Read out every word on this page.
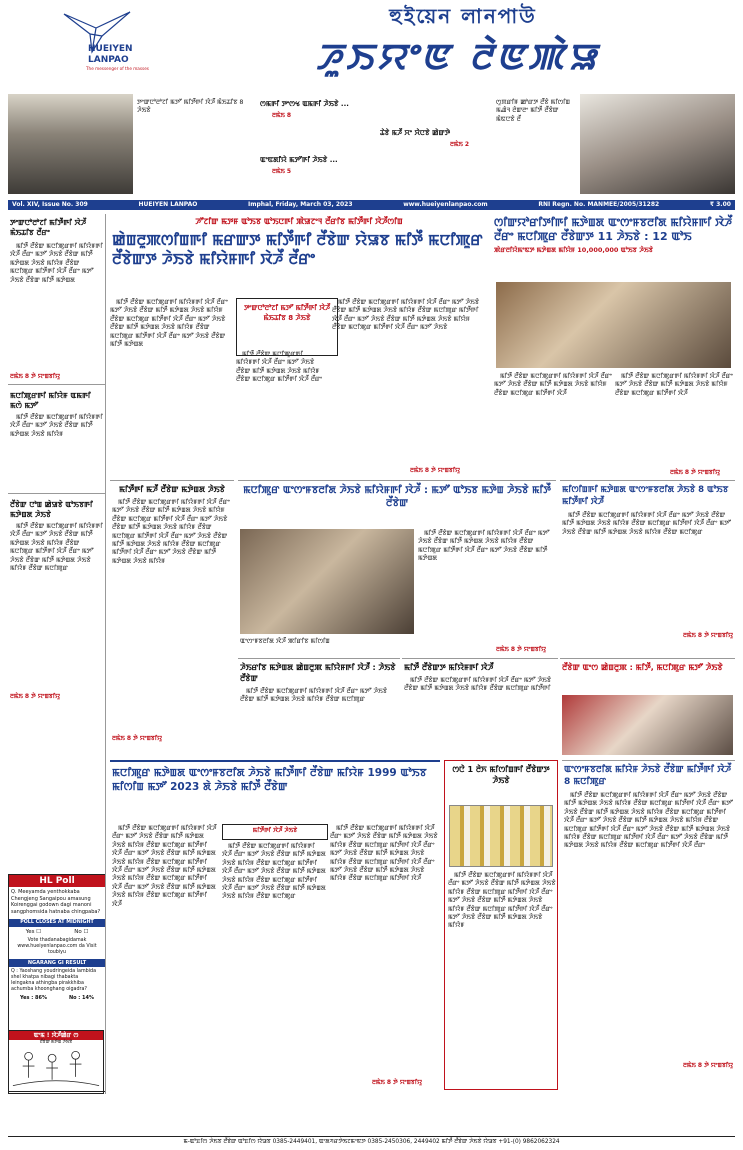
HUEIYEN
LANPAO
The messenger of the masses
হুইয়েন লানপাউ
ꯍꯨꯏꯌꯦꯟ ꯂꯥꯟꯄꯥꯎ
ꯇꯦꯛꯅꯣꯂꯣꯖꯤ ꯃꯇꯧ ꯃꯤꯇꯩꯒꯤ ꯋꯥꯍꯩ ꯃꯥꯏꯊꯤꯕ 8 ꯍꯥꯏꯕꯥ
ꯁꯃꯒꯤ ꯇꯦꯁꯠ ꯑꯃꯒꯤ ꯍꯥꯏꯕꯥ ...
ꯂꯃꯥꯏ 8
ꯊꯥꯕꯥ ꯃꯍꯩ ꯆꯦ ꯆꯥꯅꯕꯥ ꯀꯥꯛꯇꯥ
ꯂꯃꯥꯏ 2
ꯑꯦꯟꯗꯤꯌꯥ ꯃꯇꯧꯒꯤ ꯍꯥꯏꯕꯥ ...
ꯂꯃꯥꯏ 5
ꯁꯨꯞꯔꯤꯝ ꯀꯣꯔꯇ ꯂꯩꯕꯥ ꯃꯤꯁꯤꯡ ꯃꯉꯥꯜ ꯂꯥꯛꯂꯦ ꯃꯤꯇꯩ ꯂꯩꯕꯥꯛ ꯃꯥꯟꯅꯕꯥ ꯂꯩ
Vol. XIV, Issue No. 309	HUEIYEN LANPAO	Imphal, Friday, March 03, 2023	www.hueiyenlanpao.com	RNI Regn. No. MANMEE/2005/31282	₹ 3.00
ꯇꯦꯛꯅꯣꯂꯣꯖꯤ ꯃꯤꯇꯩꯒꯤ ꯋꯥꯍꯩ ꯃꯥꯏꯊꯤꯕ ꯂꯩꯔꯦ

ꯃꯤꯇꯩ ꯂꯩꯕꯥꯛ ꯃꯅꯤꯄꯨꯔꯒꯤ ꯃꯤꯌꯥꯝꯒꯤ ꯋꯥꯍꯩ ꯂꯩꯔꯦ ꯃꯇꯧ ꯍꯥꯏꯕꯥ ꯂꯩꯕꯥꯛ ꯃꯤꯇꯩ ꯃꯇꯥꯡꯗ ꯍꯥꯏꯕꯥ ꯃꯤꯌꯥꯝ ꯂꯩꯕꯥꯛ ꯃꯅꯤꯄꯨꯔ ꯃꯤꯇꯩꯒꯤ ꯋꯥꯍꯩ ꯂꯩꯔꯦ ꯃꯇꯧ ꯍꯥꯏꯕꯥ ꯂꯩꯕꯥꯛ ꯃꯤꯇꯩ ꯃꯇꯥꯡꯗ

ꯂꯃꯥꯏ 8 ꯇꯥ ꯌꯦꯡꯕꯤꯌꯨ
ꯃꯅꯤꯄꯨꯔꯒꯤ ꯃꯤꯌꯥꯝ ꯑꯃꯒꯤ ꯃꯁꯥ ꯃꯇꯧ

ꯃꯤꯇꯩ ꯂꯩꯕꯥꯛ ꯃꯅꯤꯄꯨꯔꯒꯤ ꯃꯤꯌꯥꯝꯒꯤ ꯋꯥꯍꯩ ꯂꯩꯔꯦ ꯃꯇꯧ ꯍꯥꯏꯕꯥ ꯂꯩꯕꯥꯛ ꯃꯤꯇꯩ ꯃꯇꯥꯡꯗ ꯍꯥꯏꯕꯥ ꯃꯤꯌꯥꯝ

ꯂꯩꯕꯥꯛ ꯅꯣꯡ ꯀꯥꯎꯕꯥ ꯑꯣꯏꯕꯒꯤ ꯃꯇꯥꯡꯗ ꯍꯥꯏꯕꯥ

ꯃꯤꯇꯩ ꯂꯩꯕꯥꯛ ꯃꯅꯤꯄꯨꯔꯒꯤ ꯃꯤꯌꯥꯝꯒꯤ ꯋꯥꯍꯩ ꯂꯩꯔꯦ ꯃꯇꯧ ꯍꯥꯏꯕꯥ ꯂꯩꯕꯥꯛ ꯃꯤꯇꯩ ꯃꯇꯥꯡꯗ ꯍꯥꯏꯕꯥ ꯃꯤꯌꯥꯝ ꯂꯩꯕꯥꯛ ꯃꯅꯤꯄꯨꯔ ꯃꯤꯇꯩꯒꯤ ꯋꯥꯍꯩ ꯂꯩꯔꯦ ꯃꯇꯧ ꯍꯥꯏꯕꯥ ꯂꯩꯕꯥꯛ ꯃꯤꯇꯩ ꯃꯇꯥꯡꯗ ꯍꯥꯏꯕꯥ ꯃꯤꯌꯥꯝ ꯂꯩꯕꯥꯛ ꯃꯅꯤꯄꯨꯔ

ꯂꯃꯥꯏ 8 ꯇꯥ ꯌꯦꯡꯕꯤꯌꯨ
HL Poll
Q. Meeyamda yenthokkaba Chengjeng Sangaipou amasung Koirenggai godown dagi manoni sangphomsida hatnaba chingpaba?
POLL CLOSES AT MIDNIGHT
Yes ☐	No ☐
Vote thadanabagidamak www.hueiyenlanpao.com da Visit toubiyu
NGARANG GI RESULT
Q : Yaoshang youdringeida lambida shel khatpa nibagi thabakta leingakna athingba pirakkhiba achumba khoonghang oigadra?
Yes : 86%	No : 14%
ꯑꯦꯃ ! ꯋꯥꯍꯩꯀꯥꯔ ꯁ
ꯂꯩꯕꯥꯛ ꯃꯇꯥꯡ ꯍꯥꯏꯕꯥ
ꯍꯧꯖꯤꯛ ꯃꯇꯝ ꯑꯣꯏꯕ ꯑꯣꯏꯅꯒꯤ ꯄꯥꯎꯖꯦꯜ ꯂꯩꯔꯤꯕ ꯃꯤꯇꯩꯒꯤ ꯋꯥꯍꯩꯁꯤꯡ
ꯀꯥꯡꯂꯨꯄꯁꯤꯡꯒꯤ ꯃꯔꯛꯇ ꯃꯤꯇꯩꯒꯤ ꯂꯩꯕꯥꯛ ꯌꯥꯎꯕ ꯃꯤꯇꯩ ꯃꯅꯤꯄꯨꯔ ꯂꯩꯕꯥꯛꯇ ꯍꯥꯏꯕꯥ ꯃꯤꯌꯥꯝꯒꯤ ꯋꯥꯍꯩ ꯂꯩꯔꯦ

ꯃꯤꯇꯩ ꯂꯩꯕꯥꯛ ꯃꯅꯤꯄꯨꯔꯒꯤ ꯃꯤꯌꯥꯝꯒꯤ ꯋꯥꯍꯩ ꯂꯩꯔꯦ ꯃꯇꯧ ꯍꯥꯏꯕꯥ ꯂꯩꯕꯥꯛ ꯃꯤꯇꯩ ꯃꯇꯥꯡꯗ ꯍꯥꯏꯕꯥ ꯃꯤꯌꯥꯝ ꯂꯩꯕꯥꯛ ꯃꯅꯤꯄꯨꯔ ꯃꯤꯇꯩꯒꯤ ꯋꯥꯍꯩ ꯂꯩꯔꯦ ꯃꯇꯧ ꯍꯥꯏꯕꯥ ꯂꯩꯕꯥꯛ ꯃꯤꯇꯩ ꯃꯇꯥꯡꯗ ꯍꯥꯏꯕꯥ ꯃꯤꯌꯥꯝ ꯂꯩꯕꯥꯛ ꯃꯅꯤꯄꯨꯔ ꯃꯤꯇꯩꯒꯤ ꯋꯥꯍꯩ ꯂꯩꯔꯦ ꯃꯇꯧ ꯍꯥꯏꯕꯥ ꯂꯩꯕꯥꯛ ꯃꯤꯇꯩ ꯃꯇꯥꯡꯗ

ꯇꯦꯛꯅꯣꯂꯣꯖꯤ ꯃꯇꯧ ꯃꯤꯇꯩꯒꯤ ꯋꯥꯍꯩ ꯃꯥꯏꯊꯤꯕ 8 ꯍꯥꯏꯕꯥ

ꯃꯤꯇꯩ ꯂꯩꯕꯥꯛ ꯃꯅꯤꯄꯨꯔꯒꯤ ꯃꯤꯌꯥꯝꯒꯤ ꯋꯥꯍꯩ ꯂꯩꯔꯦ ꯃꯇꯧ ꯍꯥꯏꯕꯥ ꯂꯩꯕꯥꯛ ꯃꯤꯇꯩ ꯃꯇꯥꯡꯗ ꯍꯥꯏꯕꯥ ꯃꯤꯌꯥꯝ ꯂꯩꯕꯥꯛ ꯃꯅꯤꯄꯨꯔ ꯃꯤꯇꯩꯒꯤ ꯋꯥꯍꯩ ꯂꯩꯔꯦ

ꯃꯤꯇꯩ ꯂꯩꯕꯥꯛ ꯃꯅꯤꯄꯨꯔꯒꯤ ꯃꯤꯌꯥꯝꯒꯤ ꯋꯥꯍꯩ ꯂꯩꯔꯦ ꯃꯇꯧ ꯍꯥꯏꯕꯥ ꯂꯩꯕꯥꯛ ꯃꯤꯇꯩ ꯃꯇꯥꯡꯗ ꯍꯥꯏꯕꯥ ꯃꯤꯌꯥꯝ ꯂꯩꯕꯥꯛ ꯃꯅꯤꯄꯨꯔ ꯃꯤꯇꯩꯒꯤ ꯋꯥꯍꯩ ꯂꯩꯔꯦ ꯃꯇꯧ ꯍꯥꯏꯕꯥ ꯂꯩꯕꯥꯛ ꯃꯤꯇꯩ ꯃꯇꯥꯡꯗ ꯍꯥꯏꯕꯥ ꯃꯤꯌꯥꯝ ꯂꯩꯕꯥꯛ ꯃꯅꯤꯄꯨꯔ ꯃꯤꯇꯩꯒꯤ ꯋꯥꯍꯩ ꯂꯩꯔꯦ ꯃꯇꯧ ꯍꯥꯏꯕꯥ

ꯂꯃꯥꯏ 8 ꯇꯥ ꯌꯦꯡꯕꯤꯌꯨ
ꯁꯤꯛꯌꯣꯔꯤꯇꯤꯒꯤ ꯃꯇꯥꯡꯗ ꯑꯦꯁꯦꯝꯕꯂꯤꯗ ꯃꯤꯌꯥꯝꯒꯤ ꯋꯥꯍꯩ ꯂꯩꯔꯦ ꯃꯅꯤꯄꯨꯔ ꯂꯩꯕꯥꯛꯇ 11 ꯍꯥꯏꯕꯥ : 12 ꯑꯣꯏ
ꯄꯥꯔꯂꯤꯌꯥꯃꯦꯟꯇ ꯃꯇꯥꯡꯗ ꯃꯤꯌꯥꯝ 10,000,000 ꯑꯣꯏꯕ ꯍꯥꯏꯕꯥ

ꯃꯤꯇꯩ ꯂꯩꯕꯥꯛ ꯃꯅꯤꯄꯨꯔꯒꯤ ꯃꯤꯌꯥꯝꯒꯤ ꯋꯥꯍꯩ ꯂꯩꯔꯦ ꯃꯇꯧ ꯍꯥꯏꯕꯥ ꯂꯩꯕꯥꯛ ꯃꯤꯇꯩ ꯃꯇꯥꯡꯗ ꯍꯥꯏꯕꯥ ꯃꯤꯌꯥꯝ ꯂꯩꯕꯥꯛ ꯃꯅꯤꯄꯨꯔ ꯃꯤꯇꯩꯒꯤ ꯋꯥꯍꯩ

ꯃꯤꯇꯩ ꯂꯩꯕꯥꯛ ꯃꯅꯤꯄꯨꯔꯒꯤ ꯃꯤꯌꯥꯝꯒꯤ ꯋꯥꯍꯩ ꯂꯩꯔꯦ ꯃꯇꯧ ꯍꯥꯏꯕꯥ ꯂꯩꯕꯥꯛ ꯃꯤꯇꯩ ꯃꯇꯥꯡꯗ ꯍꯥꯏꯕꯥ ꯃꯤꯌꯥꯝ ꯂꯩꯕꯥꯛ ꯃꯅꯤꯄꯨꯔ ꯃꯤꯇꯩꯒꯤ ꯋꯥꯍꯩ

ꯂꯃꯥꯏ 8 ꯇꯥ ꯌꯦꯡꯕꯤꯌꯨ
ꯃꯤꯇꯩꯒꯤ ꯃꯍꯩ ꯂꯩꯕꯥꯛ ꯃꯇꯥꯡꯗ ꯍꯥꯏꯕꯥ

ꯃꯤꯇꯩ ꯂꯩꯕꯥꯛ ꯃꯅꯤꯄꯨꯔꯒꯤ ꯃꯤꯌꯥꯝꯒꯤ ꯋꯥꯍꯩ ꯂꯩꯔꯦ ꯃꯇꯧ ꯍꯥꯏꯕꯥ ꯂꯩꯕꯥꯛ ꯃꯤꯇꯩ ꯃꯇꯥꯡꯗ ꯍꯥꯏꯕꯥ ꯃꯤꯌꯥꯝ ꯂꯩꯕꯥꯛ ꯃꯅꯤꯄꯨꯔ ꯃꯤꯇꯩꯒꯤ ꯋꯥꯍꯩ ꯂꯩꯔꯦ ꯃꯇꯧ ꯍꯥꯏꯕꯥ ꯂꯩꯕꯥꯛ ꯃꯤꯇꯩ ꯃꯇꯥꯡꯗ ꯍꯥꯏꯕꯥ ꯃꯤꯌꯥꯝ ꯂꯩꯕꯥꯛ ꯃꯅꯤꯄꯨꯔ ꯃꯤꯇꯩꯒꯤ ꯋꯥꯍꯩ ꯂꯩꯔꯦ ꯃꯇꯧ ꯍꯥꯏꯕꯥ ꯂꯩꯕꯥꯛ ꯃꯤꯇꯩ ꯃꯇꯥꯡꯗ ꯍꯥꯏꯕꯥ ꯃꯤꯌꯥꯝ ꯂꯩꯕꯥꯛ ꯃꯅꯤꯄꯨꯔ ꯃꯤꯇꯩꯒꯤ ꯋꯥꯍꯩ ꯂꯩꯔꯦ ꯃꯇꯧ ꯍꯥꯏꯕꯥ ꯂꯩꯕꯥꯛ ꯃꯤꯇꯩ ꯃꯇꯥꯡꯗ ꯍꯥꯏꯕꯥ ꯃꯤꯌꯥꯝ

ꯂꯃꯥꯏ 8 ꯇꯥ ꯌꯦꯡꯕꯤꯌꯨ
ꯃꯅꯤꯄꯨꯔ ꯑꯦꯁꯦꯝꯕꯂꯤꯗ ꯍꯥꯏꯕꯥ ꯃꯤꯌꯥꯝꯒꯤ ꯋꯥꯍꯩ : ꯃꯇꯧ ꯑꯣꯏꯕ ꯃꯇꯥꯡ ꯍꯥꯏꯕꯥ ꯃꯤꯇꯩ ꯂꯩꯕꯥꯛ
ꯑꯦꯁꯦꯝꯕꯂꯤꯗ ꯋꯥꯍꯩ ꯄꯤꯔꯤꯕ ꯃꯤꯁꯤꯡ

ꯃꯤꯇꯩ ꯂꯩꯕꯥꯛ ꯃꯅꯤꯄꯨꯔꯒꯤ ꯃꯤꯌꯥꯝꯒꯤ ꯋꯥꯍꯩ ꯂꯩꯔꯦ ꯃꯇꯧ ꯍꯥꯏꯕꯥ ꯂꯩꯕꯥꯛ ꯃꯤꯇꯩ ꯃꯇꯥꯡꯗ ꯍꯥꯏꯕꯥ ꯃꯤꯌꯥꯝ ꯂꯩꯕꯥꯛ ꯃꯅꯤꯄꯨꯔ ꯃꯤꯇꯩꯒꯤ ꯋꯥꯍꯩ ꯂꯩꯔꯦ ꯃꯇꯧ ꯍꯥꯏꯕꯥ ꯂꯩꯕꯥꯛ ꯃꯤꯇꯩ ꯃꯇꯥꯡꯗ

ꯂꯃꯥꯏ 8 ꯇꯥ ꯌꯦꯡꯕꯤꯌꯨ
ꯃꯤꯁꯤꯡꯒꯤ ꯃꯇꯥꯡꯗ ꯑꯦꯁꯦꯝꯕꯂꯤꯗ ꯍꯥꯏꯕꯥ 8 ꯑꯣꯏꯕ ꯃꯤꯇꯩꯒꯤ ꯋꯥꯍꯩ

ꯃꯤꯇꯩ ꯂꯩꯕꯥꯛ ꯃꯅꯤꯄꯨꯔꯒꯤ ꯃꯤꯌꯥꯝꯒꯤ ꯋꯥꯍꯩ ꯂꯩꯔꯦ ꯃꯇꯧ ꯍꯥꯏꯕꯥ ꯂꯩꯕꯥꯛ ꯃꯤꯇꯩ ꯃꯇꯥꯡꯗ ꯍꯥꯏꯕꯥ ꯃꯤꯌꯥꯝ ꯂꯩꯕꯥꯛ ꯃꯅꯤꯄꯨꯔ ꯃꯤꯇꯩꯒꯤ ꯋꯥꯍꯩ ꯂꯩꯔꯦ ꯃꯇꯧ ꯍꯥꯏꯕꯥ ꯂꯩꯕꯥꯛ ꯃꯤꯇꯩ ꯃꯇꯥꯡꯗ ꯍꯥꯏꯕꯥ ꯃꯤꯌꯥꯝ ꯂꯩꯕꯥꯛ ꯃꯅꯤꯄꯨꯔ

ꯂꯃꯥꯏ 8 ꯇꯥ ꯌꯦꯡꯕꯤꯌꯨ
ꯍꯥꯏꯔꯤꯕ ꯃꯇꯥꯡꯗ ꯀꯥꯡꯂꯨꯄ ꯃꯤꯌꯥꯝꯒꯤ ꯋꯥꯍꯩ : ꯍꯥꯏꯕꯥ ꯂꯩꯕꯥꯛ

ꯃꯤꯇꯩ ꯂꯩꯕꯥꯛ ꯃꯅꯤꯄꯨꯔꯒꯤ ꯃꯤꯌꯥꯝꯒꯤ ꯋꯥꯍꯩ ꯂꯩꯔꯦ ꯃꯇꯧ ꯍꯥꯏꯕꯥ ꯂꯩꯕꯥꯛ ꯃꯤꯇꯩ ꯃꯇꯥꯡꯗ ꯍꯥꯏꯕꯥ ꯃꯤꯌꯥꯝ ꯂꯩꯕꯥꯛ ꯃꯅꯤꯄꯨꯔ

ꯃꯤꯇꯩ ꯂꯩꯕꯥꯛꯇ ꯃꯤꯌꯥꯝꯒꯤ ꯋꯥꯍꯩ

ꯃꯤꯇꯩ ꯂꯩꯕꯥꯛ ꯃꯅꯤꯄꯨꯔꯒꯤ ꯃꯤꯌꯥꯝꯒꯤ ꯋꯥꯍꯩ ꯂꯩꯔꯦ ꯃꯇꯧ ꯍꯥꯏꯕꯥ ꯂꯩꯕꯥꯛ ꯃꯤꯇꯩ ꯃꯇꯥꯡꯗ ꯍꯥꯏꯕꯥ ꯃꯤꯌꯥꯝ ꯂꯩꯕꯥꯛ ꯃꯅꯤꯄꯨꯔ ꯃꯤꯇꯩꯒꯤ

ꯂꯩꯕꯥꯛ ꯑꯦꯁ ꯀꯥꯡꯂꯨꯄ : ꯃꯤꯇꯩ, ꯃꯅꯤꯄꯨꯔ ꯃꯇꯧ ꯍꯥꯏꯕꯥ
ꯃꯅꯤꯄꯨꯔ ꯃꯇꯥꯡꯗ ꯑꯦꯁꯦꯝꯕꯂꯤꯗ ꯍꯥꯏꯕꯥ ꯃꯤꯇꯩꯒꯤ ꯂꯩꯕꯥꯛ ꯃꯤꯌꯥꯝ 1999 ꯑꯣꯏꯕ ꯃꯤꯁꯤꯡ ꯃꯇꯧ 2023 ꯗꯥ ꯍꯥꯏꯕꯥ ꯃꯤꯇꯩ ꯂꯩꯕꯥꯛ
ꯃꯤꯇꯩꯒꯤ ꯋꯥꯍꯩ ꯍꯥꯏꯕꯥ

ꯃꯤꯇꯩ ꯂꯩꯕꯥꯛ ꯃꯅꯤꯄꯨꯔꯒꯤ ꯃꯤꯌꯥꯝꯒꯤ ꯋꯥꯍꯩ ꯂꯩꯔꯦ ꯃꯇꯧ ꯍꯥꯏꯕꯥ ꯂꯩꯕꯥꯛ ꯃꯤꯇꯩ ꯃꯇꯥꯡꯗ ꯍꯥꯏꯕꯥ ꯃꯤꯌꯥꯝ ꯂꯩꯕꯥꯛ ꯃꯅꯤꯄꯨꯔ ꯃꯤꯇꯩꯒꯤ ꯋꯥꯍꯩ ꯂꯩꯔꯦ ꯃꯇꯧ ꯍꯥꯏꯕꯥ ꯂꯩꯕꯥꯛ ꯃꯤꯇꯩ ꯃꯇꯥꯡꯗ ꯍꯥꯏꯕꯥ ꯃꯤꯌꯥꯝ ꯂꯩꯕꯥꯛ ꯃꯅꯤꯄꯨꯔ ꯃꯤꯇꯩꯒꯤ ꯋꯥꯍꯩ ꯂꯩꯔꯦ ꯃꯇꯧ ꯍꯥꯏꯕꯥ ꯂꯩꯕꯥꯛ ꯃꯤꯇꯩ ꯃꯇꯥꯡꯗ ꯍꯥꯏꯕꯥ ꯃꯤꯌꯥꯝ ꯂꯩꯕꯥꯛ ꯃꯅꯤꯄꯨꯔ ꯃꯤꯇꯩꯒꯤ ꯋꯥꯍꯩ ꯂꯩꯔꯦ ꯃꯇꯧ ꯍꯥꯏꯕꯥ ꯂꯩꯕꯥꯛ ꯃꯤꯇꯩ ꯃꯇꯥꯡꯗ ꯍꯥꯏꯕꯥ ꯃꯤꯌꯥꯝ ꯂꯩꯕꯥꯛ ꯃꯅꯤꯄꯨꯔ ꯃꯤꯇꯩꯒꯤ ꯋꯥꯍꯩ

ꯃꯤꯇꯩ ꯂꯩꯕꯥꯛ ꯃꯅꯤꯄꯨꯔꯒꯤ ꯃꯤꯌꯥꯝꯒꯤ ꯋꯥꯍꯩ ꯂꯩꯔꯦ ꯃꯇꯧ ꯍꯥꯏꯕꯥ ꯂꯩꯕꯥꯛ ꯃꯤꯇꯩ ꯃꯇꯥꯡꯗ ꯍꯥꯏꯕꯥ ꯃꯤꯌꯥꯝ ꯂꯩꯕꯥꯛ ꯃꯅꯤꯄꯨꯔ ꯃꯤꯇꯩꯒꯤ ꯋꯥꯍꯩ ꯂꯩꯔꯦ ꯃꯇꯧ ꯍꯥꯏꯕꯥ ꯂꯩꯕꯥꯛ ꯃꯤꯇꯩ ꯃꯇꯥꯡꯗ ꯍꯥꯏꯕꯥ ꯃꯤꯌꯥꯝ ꯂꯩꯕꯥꯛ ꯃꯅꯤꯄꯨꯔ ꯃꯤꯇꯩꯒꯤ ꯋꯥꯍꯩ ꯂꯩꯔꯦ ꯃꯇꯧ ꯍꯥꯏꯕꯥ ꯂꯩꯕꯥꯛ ꯃꯤꯇꯩ ꯃꯇꯥꯡꯗ ꯍꯥꯏꯕꯥ ꯃꯤꯌꯥꯝ ꯂꯩꯕꯥꯛ ꯃꯅꯤꯄꯨꯔ

ꯃꯤꯇꯩ ꯂꯩꯕꯥꯛ ꯃꯅꯤꯄꯨꯔꯒꯤ ꯃꯤꯌꯥꯝꯒꯤ ꯋꯥꯍꯩ ꯂꯩꯔꯦ ꯃꯇꯧ ꯍꯥꯏꯕꯥ ꯂꯩꯕꯥꯛ ꯃꯤꯇꯩ ꯃꯇꯥꯡꯗ ꯍꯥꯏꯕꯥ ꯃꯤꯌꯥꯝ ꯂꯩꯕꯥꯛ ꯃꯅꯤꯄꯨꯔ ꯃꯤꯇꯩꯒꯤ ꯋꯥꯍꯩ ꯂꯩꯔꯦ ꯃꯇꯧ ꯍꯥꯏꯕꯥ ꯂꯩꯕꯥꯛ ꯃꯤꯇꯩ ꯃꯇꯥꯡꯗ ꯍꯥꯏꯕꯥ ꯃꯤꯌꯥꯝ ꯂꯩꯕꯥꯛ ꯃꯅꯤꯄꯨꯔ ꯃꯤꯇꯩꯒꯤ ꯋꯥꯍꯩ ꯂꯩꯔꯦ ꯃꯇꯧ ꯍꯥꯏꯕꯥ ꯂꯩꯕꯥꯛ ꯃꯤꯇꯩ ꯃꯇꯥꯡꯗ ꯍꯥꯏꯕꯥ ꯃꯤꯌꯥꯝ ꯂꯩꯕꯥꯛ ꯃꯅꯤꯄꯨꯔ ꯃꯤꯇꯩꯒꯤ ꯋꯥꯍꯩ

ꯂꯃꯥꯏ 8 ꯇꯥ ꯌꯦꯡꯕꯤꯌꯨ
ꯁꯅꯥ 1 ꯂꯥꯈ ꯃꯤꯁꯤꯡꯒꯤ ꯂꯩꯕꯥꯛꯇ ꯍꯥꯏꯕꯥ

ꯃꯤꯇꯩ ꯂꯩꯕꯥꯛ ꯃꯅꯤꯄꯨꯔꯒꯤ ꯃꯤꯌꯥꯝꯒꯤ ꯋꯥꯍꯩ ꯂꯩꯔꯦ ꯃꯇꯧ ꯍꯥꯏꯕꯥ ꯂꯩꯕꯥꯛ ꯃꯤꯇꯩ ꯃꯇꯥꯡꯗ ꯍꯥꯏꯕꯥ ꯃꯤꯌꯥꯝ ꯂꯩꯕꯥꯛ ꯃꯅꯤꯄꯨꯔ ꯃꯤꯇꯩꯒꯤ ꯋꯥꯍꯩ ꯂꯩꯔꯦ ꯃꯇꯧ ꯍꯥꯏꯕꯥ ꯂꯩꯕꯥꯛ ꯃꯤꯇꯩ ꯃꯇꯥꯡꯗ ꯍꯥꯏꯕꯥ ꯃꯤꯌꯥꯝ ꯂꯩꯕꯥꯛ ꯃꯅꯤꯄꯨꯔ ꯃꯤꯇꯩꯒꯤ ꯋꯥꯍꯩ ꯂꯩꯔꯦ ꯃꯇꯧ ꯍꯥꯏꯕꯥ ꯂꯩꯕꯥꯛ ꯃꯤꯇꯩ ꯃꯇꯥꯡꯗ ꯍꯥꯏꯕꯥ ꯃꯤꯌꯥꯝ

ꯑꯦꯁꯦꯝꯕꯂꯤꯗ ꯃꯤꯌꯥꯝ ꯍꯥꯏꯕꯥ ꯂꯩꯕꯥꯛ ꯃꯤꯇꯩꯒꯤ ꯋꯥꯍꯩ 8 ꯃꯅꯤꯄꯨꯔ

ꯃꯤꯇꯩ ꯂꯩꯕꯥꯛ ꯃꯅꯤꯄꯨꯔꯒꯤ ꯃꯤꯌꯥꯝꯒꯤ ꯋꯥꯍꯩ ꯂꯩꯔꯦ ꯃꯇꯧ ꯍꯥꯏꯕꯥ ꯂꯩꯕꯥꯛ ꯃꯤꯇꯩ ꯃꯇꯥꯡꯗ ꯍꯥꯏꯕꯥ ꯃꯤꯌꯥꯝ ꯂꯩꯕꯥꯛ ꯃꯅꯤꯄꯨꯔ ꯃꯤꯇꯩꯒꯤ ꯋꯥꯍꯩ ꯂꯩꯔꯦ ꯃꯇꯧ ꯍꯥꯏꯕꯥ ꯂꯩꯕꯥꯛ ꯃꯤꯇꯩ ꯃꯇꯥꯡꯗ ꯍꯥꯏꯕꯥ ꯃꯤꯌꯥꯝ ꯂꯩꯕꯥꯛ ꯃꯅꯤꯄꯨꯔ ꯃꯤꯇꯩꯒꯤ ꯋꯥꯍꯩ ꯂꯩꯔꯦ ꯃꯇꯧ ꯍꯥꯏꯕꯥ ꯂꯩꯕꯥꯛ ꯃꯤꯇꯩ ꯃꯇꯥꯡꯗ ꯍꯥꯏꯕꯥ ꯃꯤꯌꯥꯝ ꯂꯩꯕꯥꯛ ꯃꯅꯤꯄꯨꯔ ꯃꯤꯇꯩꯒꯤ ꯋꯥꯍꯩ ꯂꯩꯔꯦ ꯃꯇꯧ ꯍꯥꯏꯕꯥ ꯂꯩꯕꯥꯛ ꯃꯤꯇꯩ ꯃꯇꯥꯡꯗ ꯍꯥꯏꯕꯥ ꯃꯤꯌꯥꯝ ꯂꯩꯕꯥꯛ ꯃꯅꯤꯄꯨꯔ ꯃꯤꯇꯩꯒꯤ ꯋꯥꯍꯩ ꯂꯩꯔꯦ ꯃꯇꯧ ꯍꯥꯏꯕꯥ ꯂꯩꯕꯥꯛ ꯃꯤꯇꯩ ꯃꯇꯥꯡꯗ ꯍꯥꯏꯕꯥ ꯃꯤꯌꯥꯝ ꯂꯩꯕꯥꯛ ꯃꯅꯤꯄꯨꯔ ꯃꯤꯇꯩꯒꯤ ꯋꯥꯍꯩ ꯂꯩꯔꯦ

ꯂꯃꯥꯏ 8 ꯇꯥ ꯌꯦꯡꯕꯤꯌꯨ
ꯃ-ꯑꯣꯐꯤꯁ ꯍꯥꯏꯕ ꯂꯩꯕꯥꯛ ꯑꯣꯐꯤꯁ ꯌꯥꯎꯕ 0385-2449401, ꯑꯦꯗꯚꯔꯇꯥꯏꯖꯃꯦꯟꯇ 0385-2450306, 2449402 ꯃꯤꯇꯩ ꯂꯩꯕꯥꯛ ꯍꯥꯏꯕꯥ ꯌꯥꯎꯕ +91-(0) 9862062324
